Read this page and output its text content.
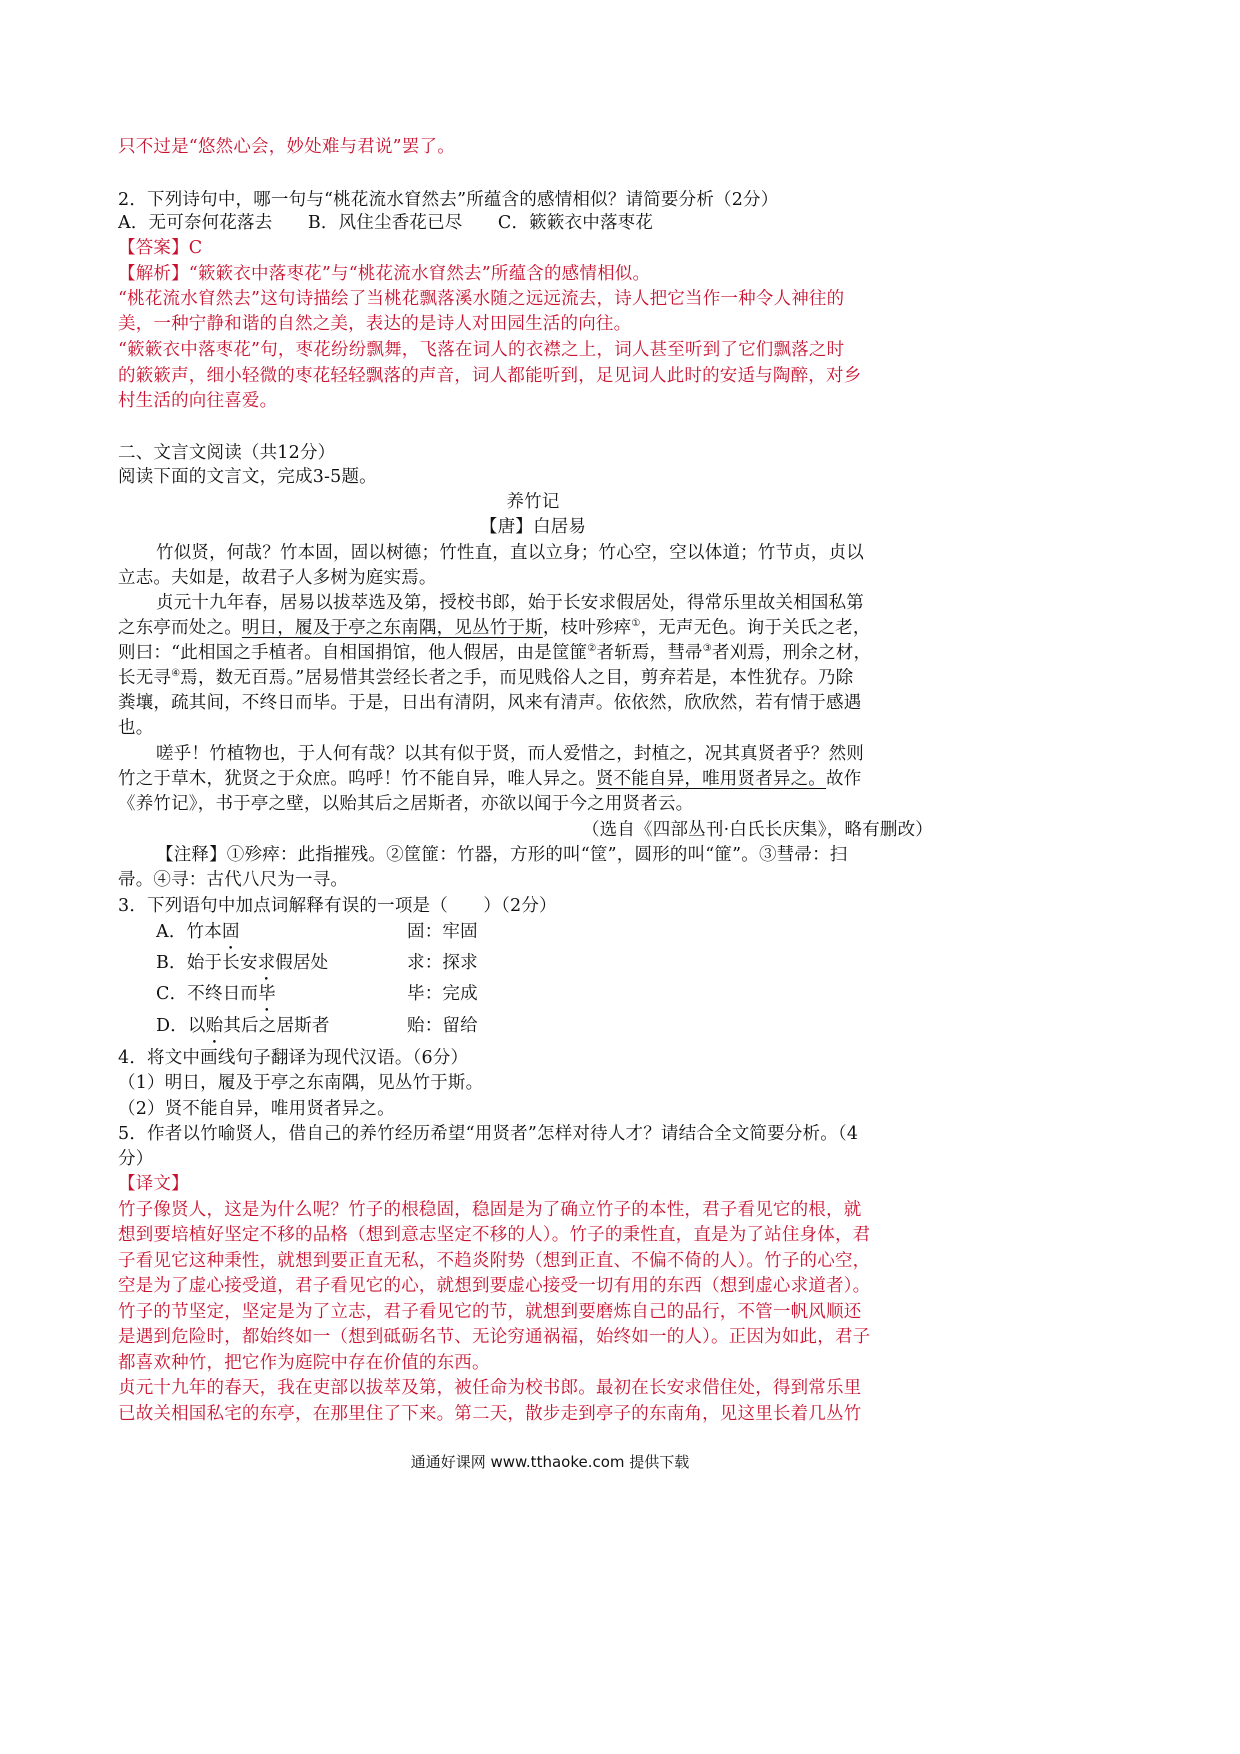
只不过是“悠然心会，妙处难与君说”罢了。
2．下列诗句中，哪一句与“桃花流水窅然去”所蕴含的感情相似？请简要分析（2分）
A．无可奈何花落去　　B．风住尘香花已尽　　C．簌簌衣中落枣花
【答案】C
【解析】“簌簌衣中落枣花”与“桃花流水窅然去”所蕴含的感情相似。
“桃花流水窅然去”这句诗描绘了当桃花飘落溪水随之远远流去，诗人把它当作一种令人神往的
美，一种宁静和谐的自然之美，表达的是诗人对田园生活的向往。
“簌簌衣中落枣花”句，枣花纷纷飘舞，飞落在词人的衣襟之上，词人甚至听到了它们飘落之时
的簌簌声，细小轻微的枣花轻轻飘落的声音，词人都能听到，足见词人此时的安适与陶醉，对乡
村生活的向往喜爱。
二、文言文阅读（共12分）
阅读下面的文言文，完成3-5题。
养竹记
【唐】白居易
竹似贤，何哉？竹本固，固以树德；竹性直，直以立身；竹心空，空以体道；竹节贞，贞以
立志。夫如是，故君子人多树为庭实焉。
贞元十九年春，居易以拔萃选及第，授校书郎，始于长安求假居处，得常乐里故关相国私第
之东亭而处之。明日，履及于亭之东南隅，见丛竹于斯，枝叶殄瘁①，无声无色。询于关氏之老，
则曰：“此相国之手植者。自相国捐馆，他人假居，由是筐篚②者斩焉，彗帚③者刈焉，刑余之材，
长无寻④焉，数无百焉。”居易惜其尝经长者之手，而见贱俗人之目，剪弃若是，本性犹存。乃除
粪壤，疏其间，不终日而毕。于是，日出有清阴，风来有清声。依依然，欣欣然，若有情于感遇
也。
嗟乎！竹植物也，于人何有哉？以其有似于贤，而人爱惜之，封植之，况其真贤者乎？然则
竹之于草木，犹贤之于众庶。呜呼！竹不能自异，唯人异之。贤不能自异，唯用贤者异之。故作
《养竹记》，书于亭之壁，以贻其后之居斯者，亦欲以闻于今之用贤者云。
（选自《四部丛刊·白氏长庆集》，略有删改）
【注释】①殄瘁：此指摧残。②筐篚：竹器，方形的叫“筐”，圆形的叫“篚”。③彗帚：扫
帚。④寻：古代八尺为一寻。
3．下列语句中加点词解释有误的一项是（　　）（2分）
A．竹本固	固：牢固
B．始于长安求假居处	求：探求
C．不终日而毕	毕：完成
D．以贻其后之居斯者	贻：留给
4．将文中画线句子翻译为现代汉语。（6分）
（1）明日，履及于亭之东南隅，见丛竹于斯。
（2）贤不能自异，唯用贤者异之。
5．作者以竹喻贤人，借自己的养竹经历希望“用贤者”怎样对待人才？请结合全文简要分析。（4
分）
【译文】
竹子像贤人，这是为什么呢？竹子的根稳固，稳固是为了确立竹子的本性，君子看见它的根，就
想到要培植好坚定不移的品格（想到意志坚定不移的人）。竹子的秉性直，直是为了站住身体，君
子看见它这种秉性，就想到要正直无私，不趋炎附势（想到正直、不偏不倚的人）。竹子的心空，
空是为了虚心接受道，君子看见它的心，就想到要虚心接受一切有用的东西（想到虚心求道者）。
竹子的节坚定，坚定是为了立志，君子看见它的节，就想到要磨炼自己的品行，不管一帆风顺还
是遇到危险时，都始终如一（想到砥砺名节、无论穷通祸福，始终如一的人）。正因为如此，君子
都喜欢种竹，把它作为庭院中存在价值的东西。
贞元十九年的春天，我在吏部以拔萃及第，被任命为校书郎。最初在长安求借住处，得到常乐里
已故关相国私宅的东亭，在那里住了下来。第二天，散步走到亭子的东南角，见这里长着几丛竹
通通好课网 www.tthaoke.com 提供下载
